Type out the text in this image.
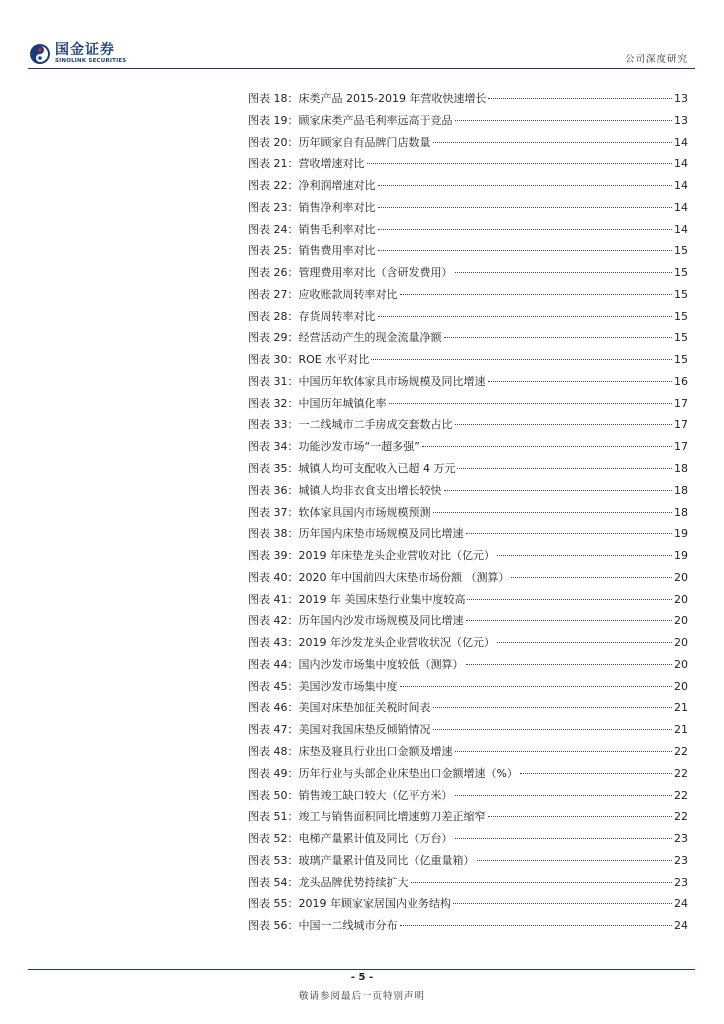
国金证券
SINOLINK SECURITIES	公司深度研究
图表 18：床类产品 2015-2019 年营收快速增长	13
图表 19：顾家床类产品毛利率远高于竞品	13
图表 20：历年顾家自有品牌门店数量	14
图表 21：营收增速对比	14
图表 22：净利润增速对比	14
图表 23：销售净利率对比	14
图表 24：销售毛利率对比	14
图表 25：销售费用率对比	15
图表 26：管理费用率对比（含研发费用）	15
图表 27：应收账款周转率对比	15
图表 28：存货周转率对比	15
图表 29：经营活动产生的现金流量净额	15
图表 30：ROE 水平对比	15
图表 31：中国历年软体家具市场规模及同比增速	16
图表 32：中国历年城镇化率	17
图表 33：一二线城市二手房成交套数占比	17
图表 34：功能沙发市场“一超多强”	17
图表 35：城镇人均可支配收入已超 4 万元	18
图表 36：城镇人均非衣食支出增长较快	18
图表 37：软体家具国内市场规模预测	18
图表 38：历年国内床垫市场规模及同比增速	19
图表 39：2019 年床垫龙头企业营收对比（亿元）	19
图表 40：2020 年中国前四大床垫市场份额 （测算）	20
图表 41：2019 年 美国床垫行业集中度较高	20
图表 42：历年国内沙发市场规模及同比增速	20
图表 43：2019 年沙发龙头企业营收状况（亿元）	20
图表 44：国内沙发市场集中度较低（测算）	20
图表 45：美国沙发市场集中度	20
图表 46：美国对床垫加征关税时间表	21
图表 47：美国对我国床垫反倾销情况	21
图表 48：床垫及寝具行业出口金额及增速	22
图表 49：历年行业与头部企业床垫出口金额增速（%）	22
图表 50：销售竣工缺口较大（亿平方米）	22
图表 51：竣工与销售面积同比增速剪刀差正缩窄	22
图表 52：电梯产量累计值及同比（万台）	23
图表 53：玻璃产量累计值及同比（亿重量箱）	23
图表 54：龙头品牌优势持续扩大	23
图表 55：2019 年顾家家居国内业务结构	24
图表 56：中国一二线城市分布	24
- 5 -
敬请参阅最后一页特别声明
